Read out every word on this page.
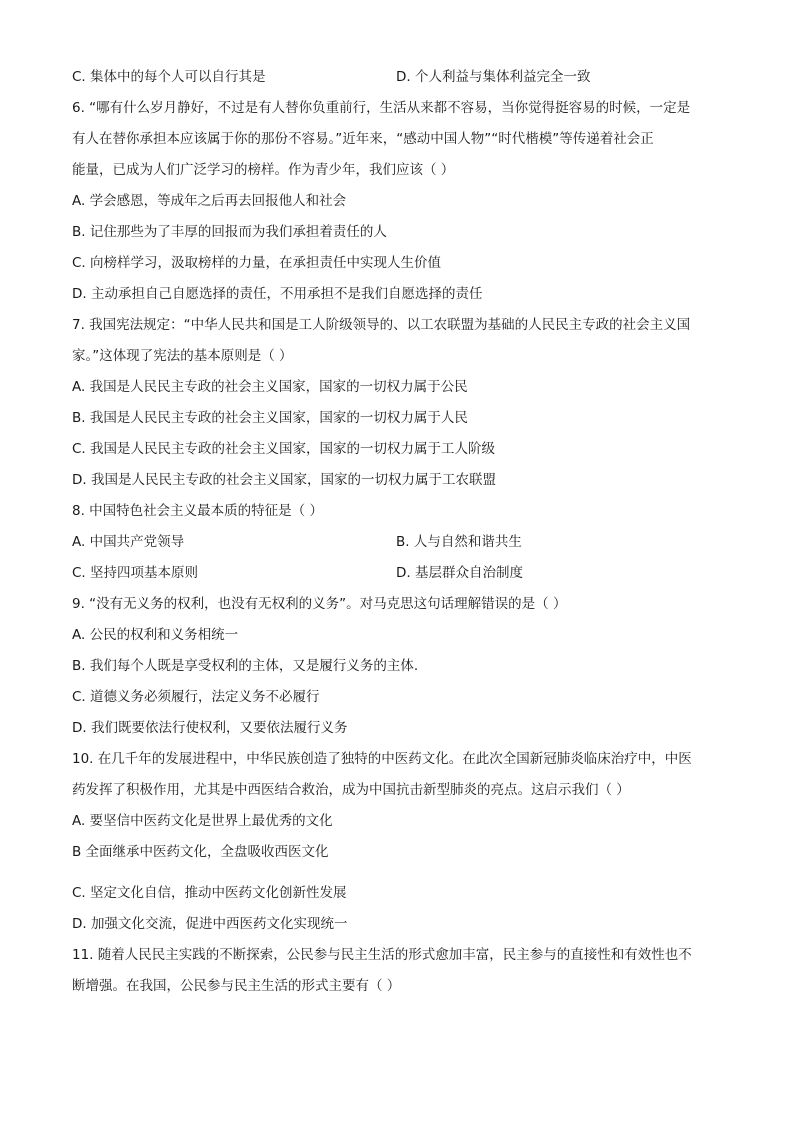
C. 集体中的每个人可以自行其是	D. 个人利益与集体利益完全一致
6. “哪有什么岁月静好，不过是有人替你负重前行，生活从来都不容易，当你觉得挺容易的时候，一定是
有人在替你承担本应该属于你的那份不容易。”近年来，“感动中国人物”“时代楷模”等传递着社会正
能量，已成为人们广泛学习的榜样。作为青少年，我们应该（ ）
A. 学会感恩，等成年之后再去回报他人和社会
B. 记住那些为了丰厚的回报而为我们承担着责任的人
C. 向榜样学习，汲取榜样的力量，在承担责任中实现人生价值
D. 主动承担自己自愿选择的责任，不用承担不是我们自愿选择的责任
7. 我国宪法规定：“中华人民共和国是工人阶级领导的、以工农联盟为基础的人民民主专政的社会主义国
家。”这体现了宪法的基本原则是（ ）
A. 我国是人民民主专政的社会主义国家，国家的一切权力属于公民
B. 我国是人民民主专政的社会主义国家，国家的一切权力属于人民
C. 我国是人民民主专政的社会主义国家，国家的一切权力属于工人阶级
D. 我国是人民民主专政的社会主义国家，国家的一切权力属于工农联盟
8. 中国特色社会主义最本质的特征是（ ）
A. 中国共产党领导	B. 人与自然和谐共生
C. 坚持四项基本原则	D. 基层群众自治制度
9. “没有无义务的权利，也没有无权利的义务”。对马克思这句话理解错误的是（ ）
A. 公民的权利和义务相统一
B. 我们每个人既是享受权利的主体，又是履行义务的主体.
C. 道德义务必须履行，法定义务不必履行
D. 我们既要依法行使权利，又要依法履行义务
10. 在几千年的发展进程中，中华民族创造了独特的中医药文化。在此次全国新冠肺炎临床治疗中，中医
药发挥了积极作用，尤其是中西医结合救治，成为中国抗击新型肺炎的亮点。这启示我们（ ）
A. 要坚信中医药文化是世界上最优秀的文化
B 全面继承中医药文化，全盘吸收西医文化
C. 坚定文化自信，推动中医药文化创新性发展
D. 加强文化交流，促进中西医药文化实现统一
11. 随着人民民主实践的不断探索，公民参与民主生活的形式愈加丰富，民主参与的直接性和有效性也不
断增强。在我国，公民参与民主生活的形式主要有（ ）
